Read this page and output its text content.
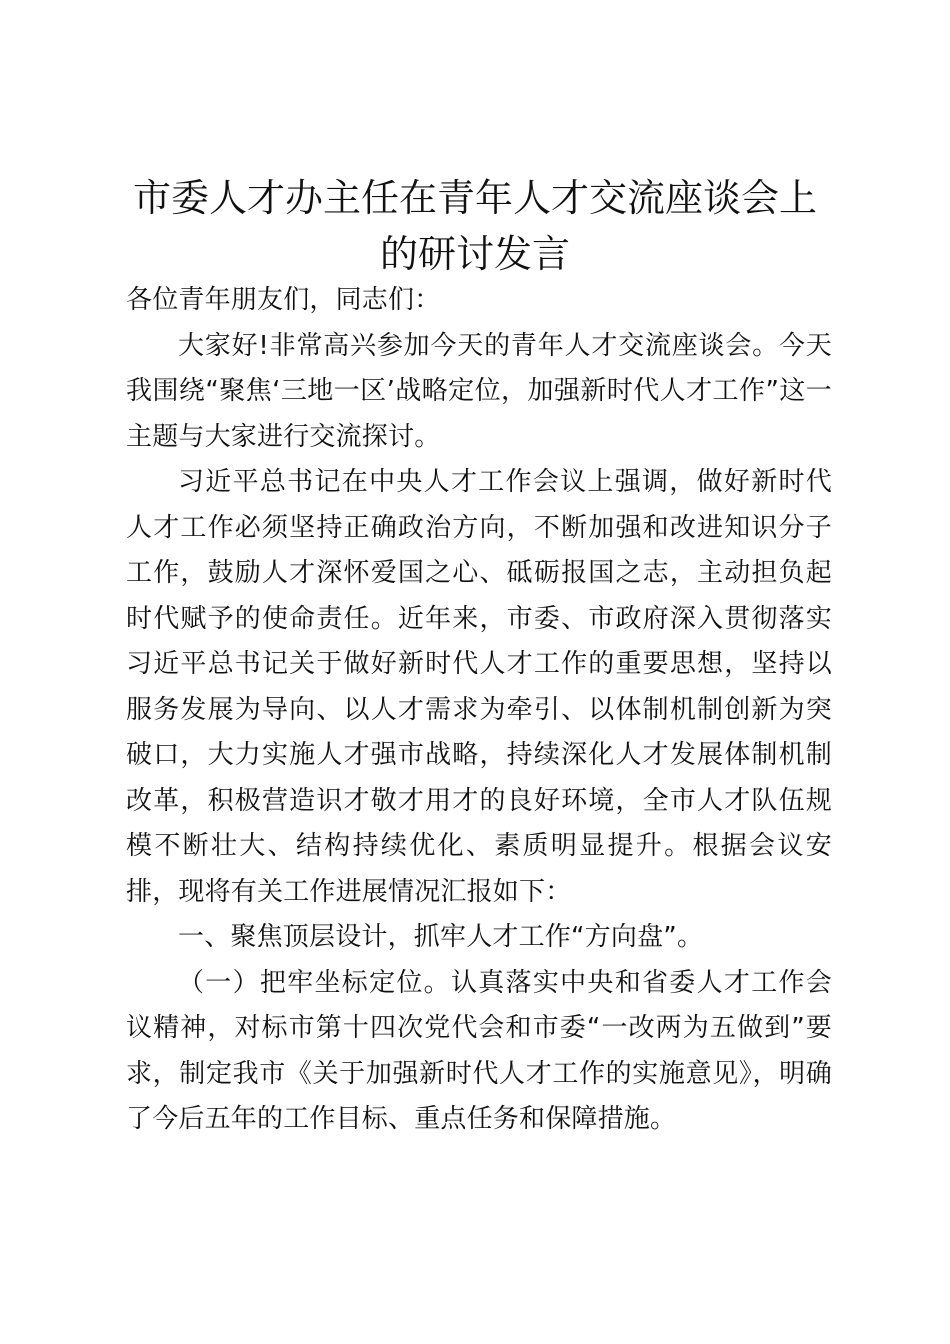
市委人才办主任在青年人才交流座谈会上的研讨发言

各位青年朋友们，同志们：

大家好!非常高兴参加今天的青年人才交流座谈会。今天我围绕“聚焦‘三地一区’战略定位，加强新时代人才工作”这一主题与大家进行交流探讨。

习近平总书记在中央人才工作会议上强调，做好新时代人才工作必须坚持正确政治方向，不断加强和改进知识分子工作，鼓励人才深怀爱国之心、砥砺报国之志，主动担负起时代赋予的使命责任。近年来，市委、市政府深入贯彻落实习近平总书记关于做好新时代人才工作的重要思想，坚持以服务发展为导向、以人才需求为牵引、以体制机制创新为突破口，大力实施人才强市战略，持续深化人才发展体制机制改革，积极营造识才敬才用才的良好环境，全市人才队伍规模不断壮大、结构持续优化、素质明显提升。根据会议安排，现将有关工作进展情况汇报如下：

一、聚焦顶层设计，抓牢人才工作“方向盘”。

（一）把牢坐标定位。认真落实中央和省委人才工作会议精神，对标市第十四次党代会和市委“一改两为五做到”要求，制定我市《关于加强新时代人才工作的实施意见》，明确了今后五年的工作目标、重点任务和保障措施。
